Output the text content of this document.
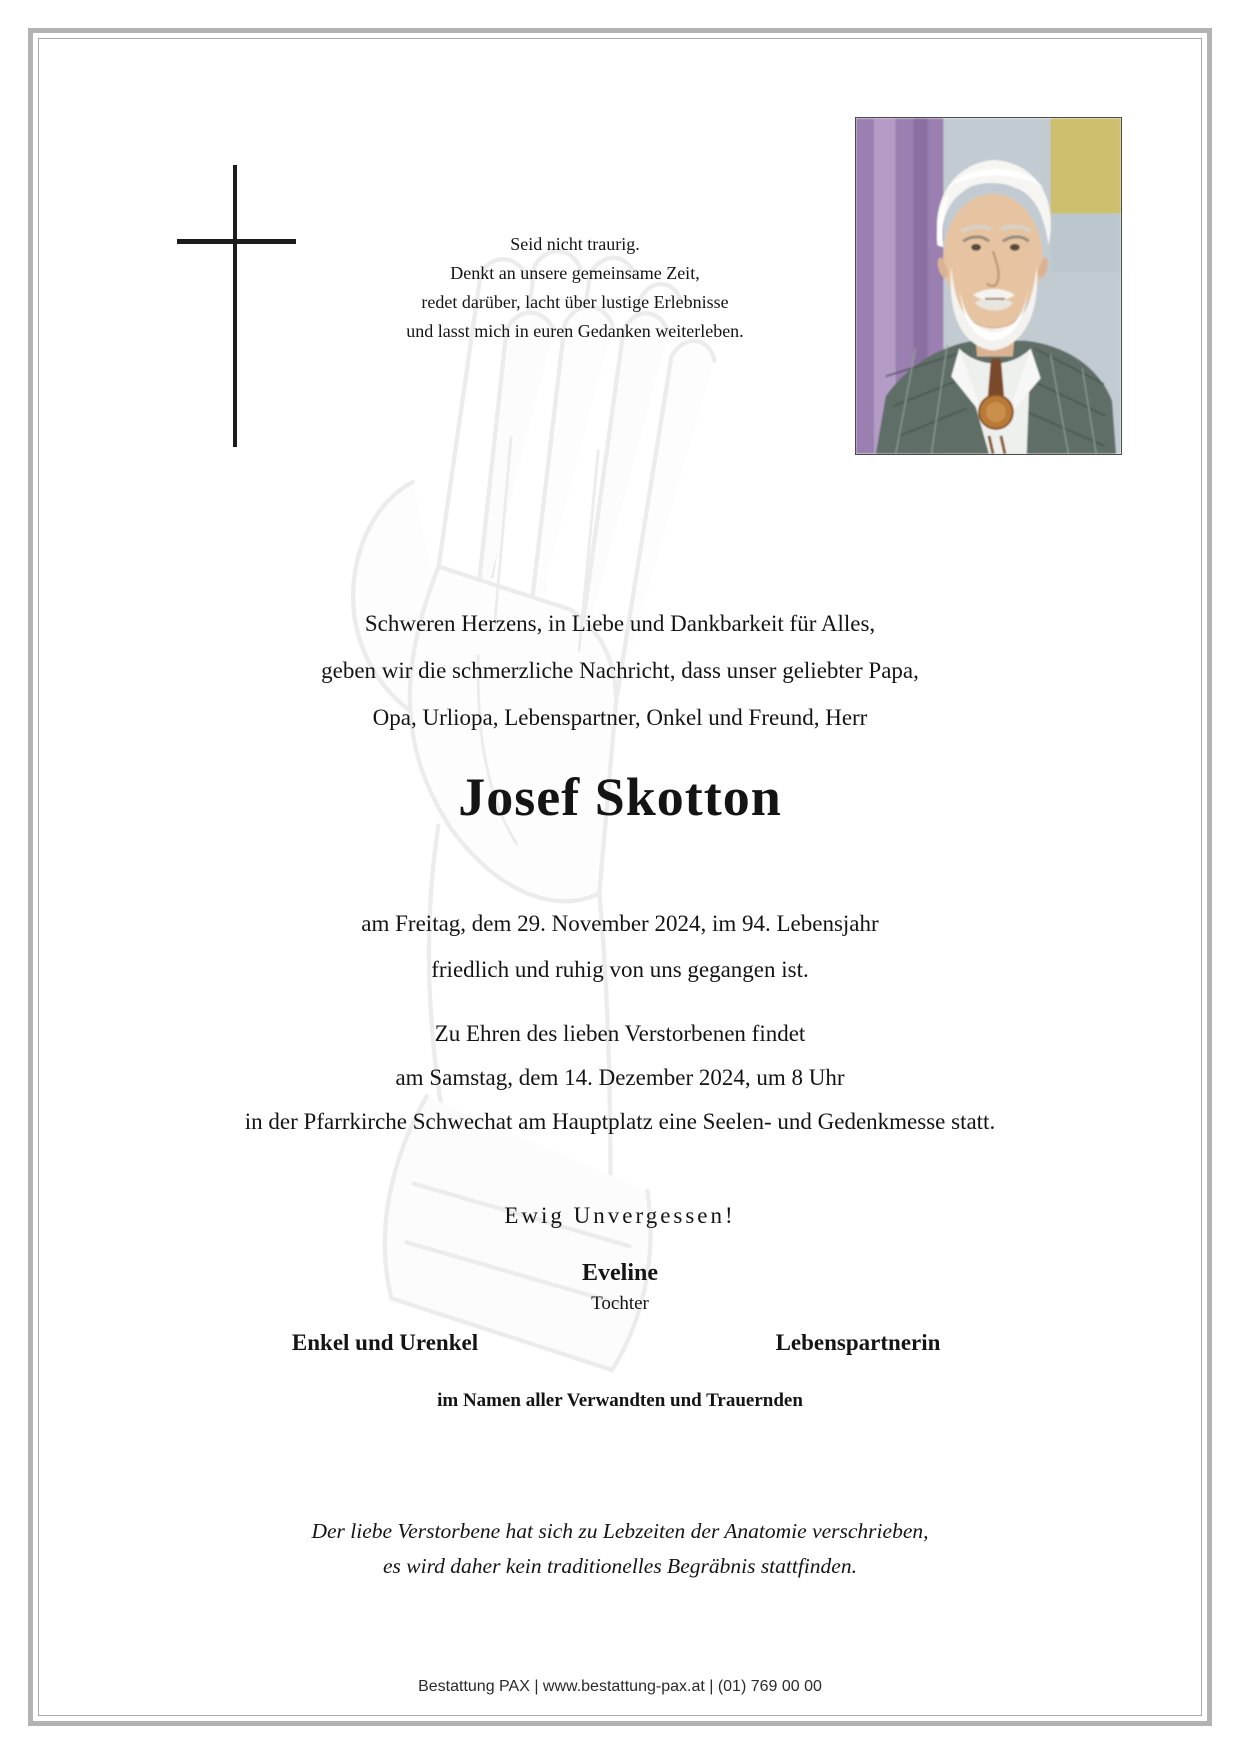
Seid nicht traurig.
Denkt an unsere gemeinsame Zeit,
redet darüber, lacht über lustige Erlebnisse
und lasst mich in euren Gedanken weiterleben.
Schweren Herzens, in Liebe und Dankbarkeit für Alles,
geben wir die schmerzliche Nachricht, dass unser geliebter Papa,
Opa, Urliopa, Lebenspartner, Onkel und Freund, Herr
Josef Skotton
am Freitag, dem 29. November 2024, im 94. Lebensjahr
friedlich und ruhig von uns gegangen ist.
Zu Ehren des lieben Verstorbenen findet
am Samstag, dem 14. Dezember 2024, um 8 Uhr
in der Pfarrkirche Schwechat am Hauptplatz eine Seelen- und Gedenkmesse statt.
Ewig Unvergessen!
Eveline
Tochter
Enkel und Urenkel	Lebenspartnerin
im Namen aller Verwandten und Trauernden
Der liebe Verstorbene hat sich zu Lebzeiten der Anatomie verschrieben,
es wird daher kein traditionelles Begräbnis stattfinden.
Bestattung PAX | www.bestattung-pax.at | (01) 769 00 00
